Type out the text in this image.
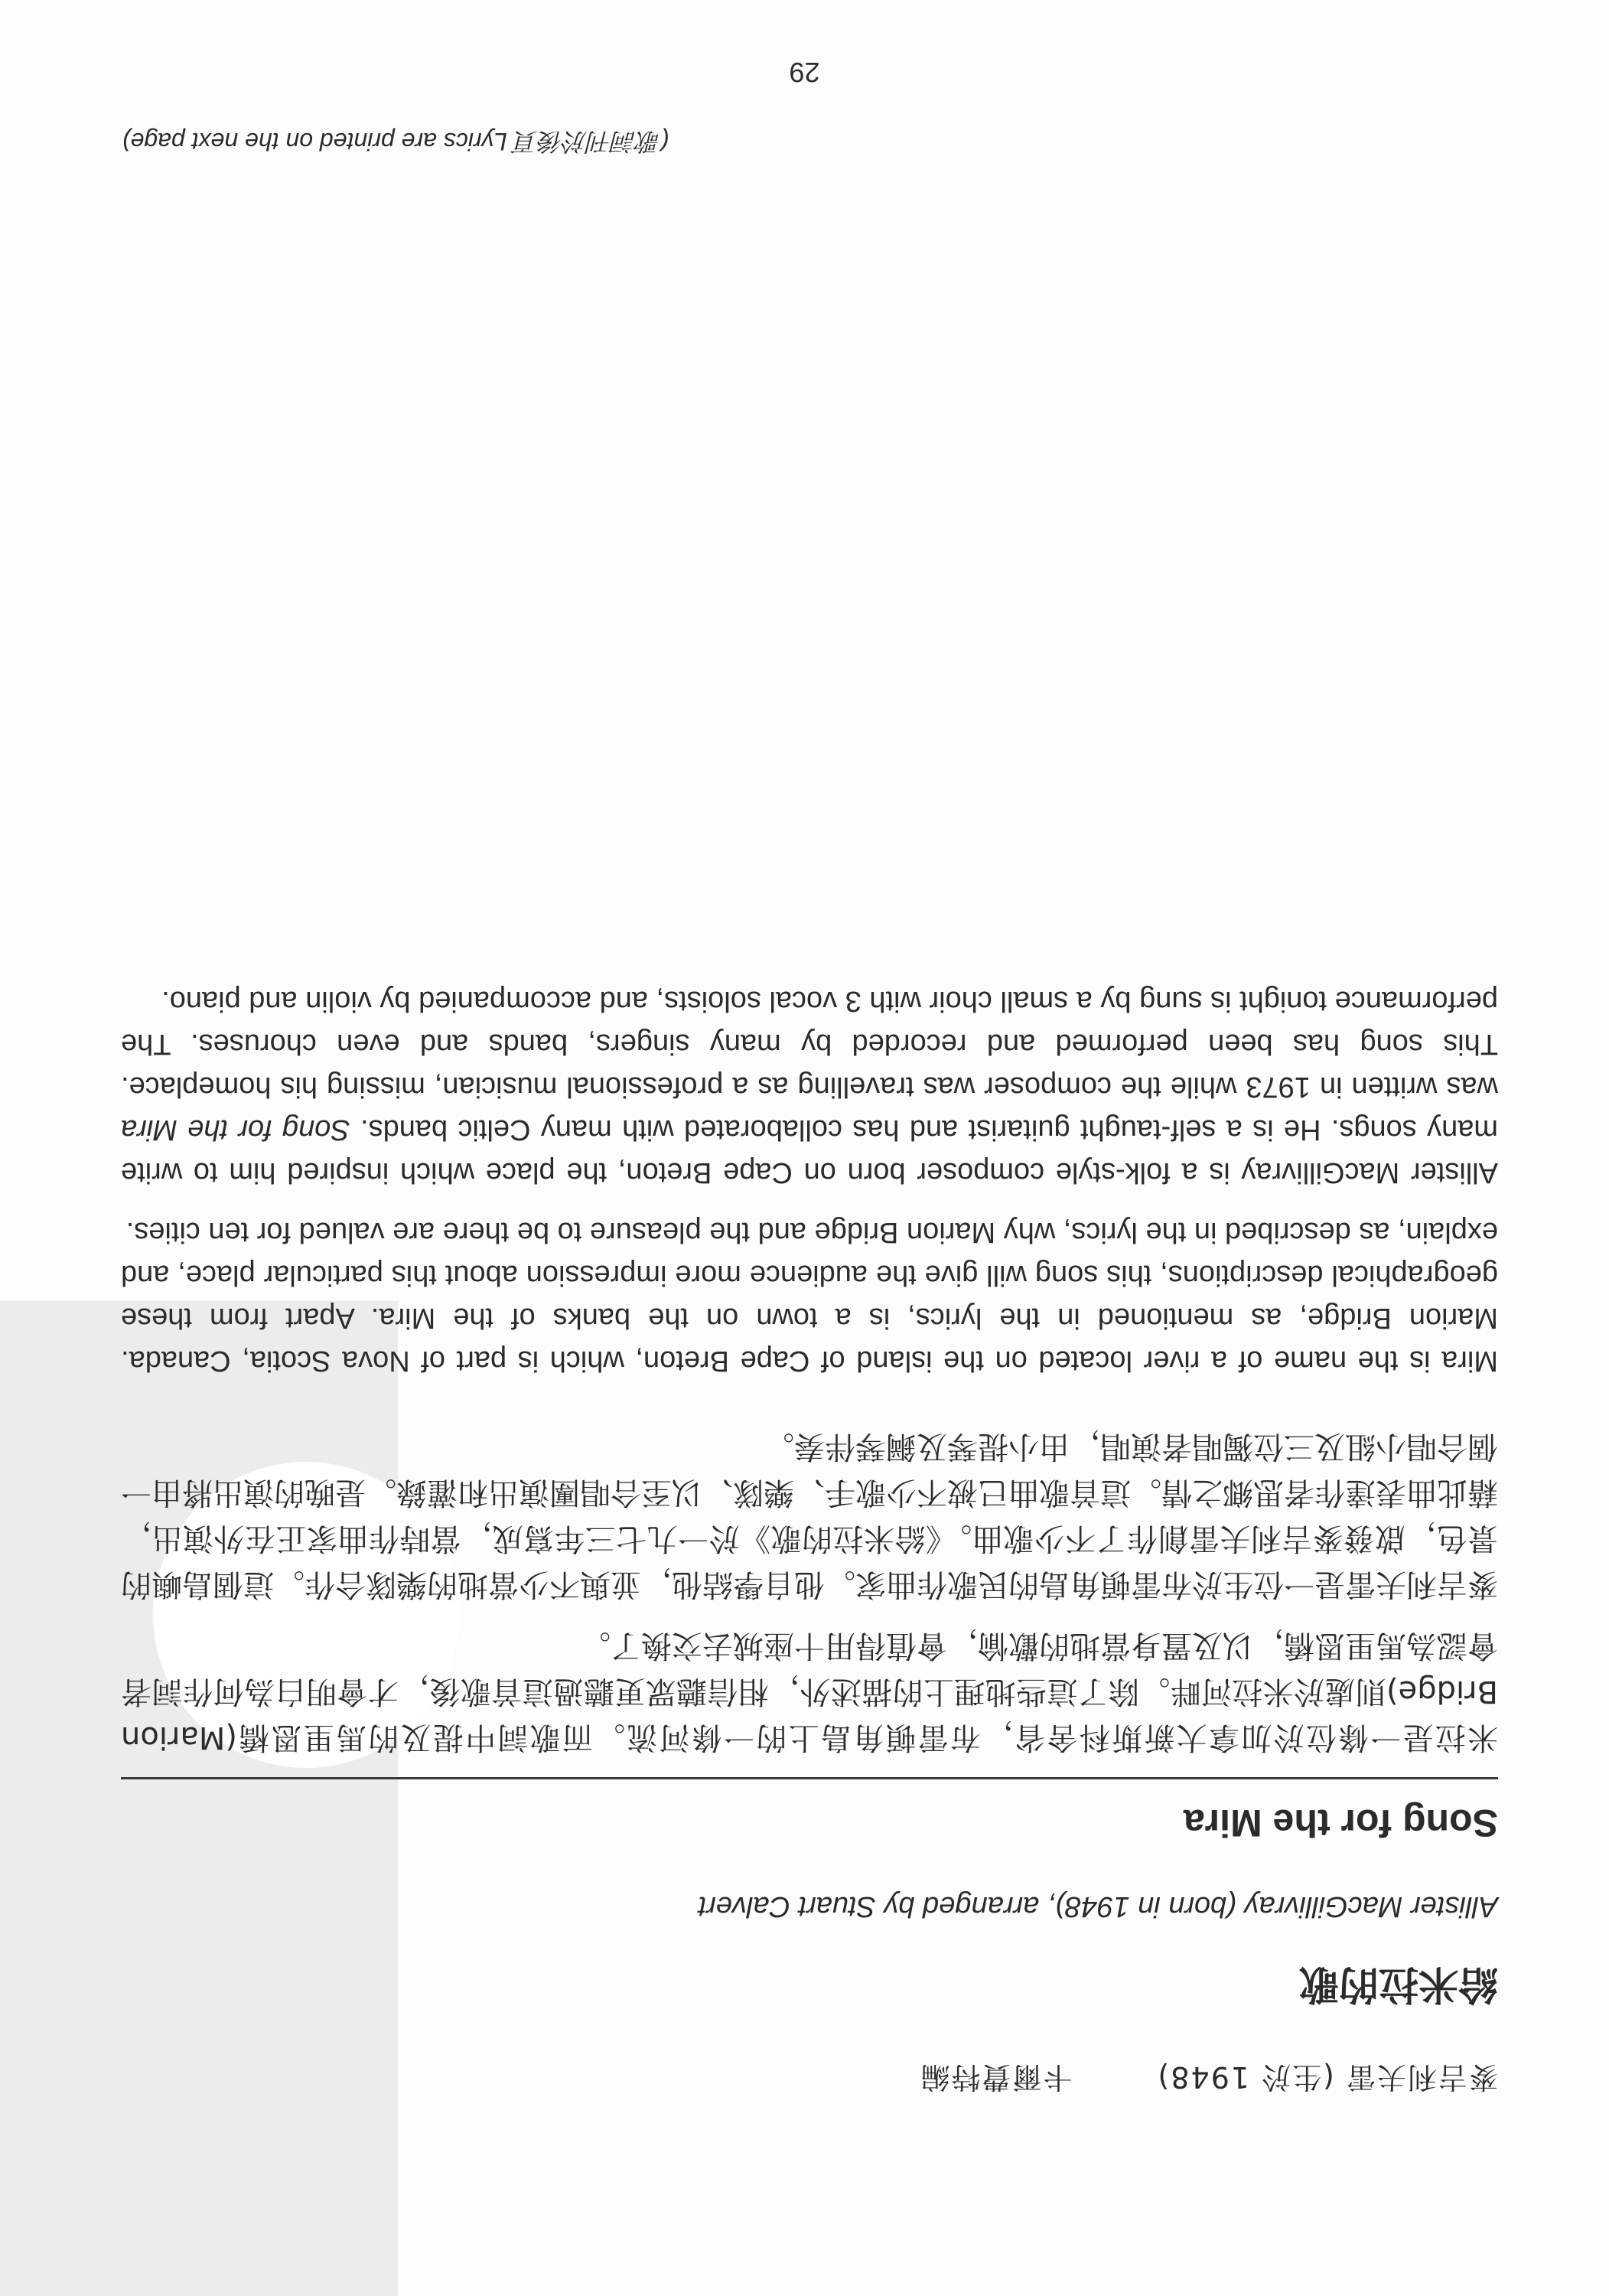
麥吉利夫雷 (生於 1948)卡爾費特編
給米拉的歌
Allister MacGillivray (born in 1948), arranged by Stuart Calvert
Song for the Mira

米拉是一條位於加拿大新斯科舍省，布雷頓角島上的一條河流。而歌詞中提及的馬里恩橋(Marion Bridge)則處於米拉河畔。除了這些地理上的描述外，相信聽眾更聽過這首歌後，才會明白為何作詞者會認為馬里恩橋，以及置身當地的歡愉，會值得用十座城去交換了。

麥吉利夫雷是一位生於布雷頓角島的民歌作曲家。他自學結他，並與不少當地的樂隊合作。這個島嶼的景色，啟發麥吉利夫雷創作了不少歌曲。《給米拉的歌》於一九七三年寫成，當時作曲家正在外演出，藉此曲表達作者思鄉之情。這首歌曲已被不少歌手、樂隊、以至合唱團演出和灌錄。是晚的演出將由一個合唱小組及三位獨唱者演唱，由小提琴及鋼琴伴奏。

Mira is the name of a river located on the island of Cape Breton, which is part of Nova Scotia, Canada. Marion Bridge, as mentioned in the lyrics, is a town on the banks of the Mira. Apart from these geographical descriptions, this song will give the audience more impression about this particular place, and explain, as described in the lyrics, why Marion Bridge and the pleasure to be there are valued for ten cities.

Allister MacGillivray is a folk-style composer born on Cape Breton, the place which inspired him to write many songs. He is a self-taught guitarist and has collaborated with many Celtic bands. Song for the Mira was written in 1973 while the composer was travelling as a professional musician, missing his homeplace. This song has been performed and recorded by many singers, bands and even choruses. The performance tonight is sung by a small choir with 3 vocal soloists, and accompanied by violin and piano.

(歌詞刊於後頁 Lyrics are printed on the next page)
29
